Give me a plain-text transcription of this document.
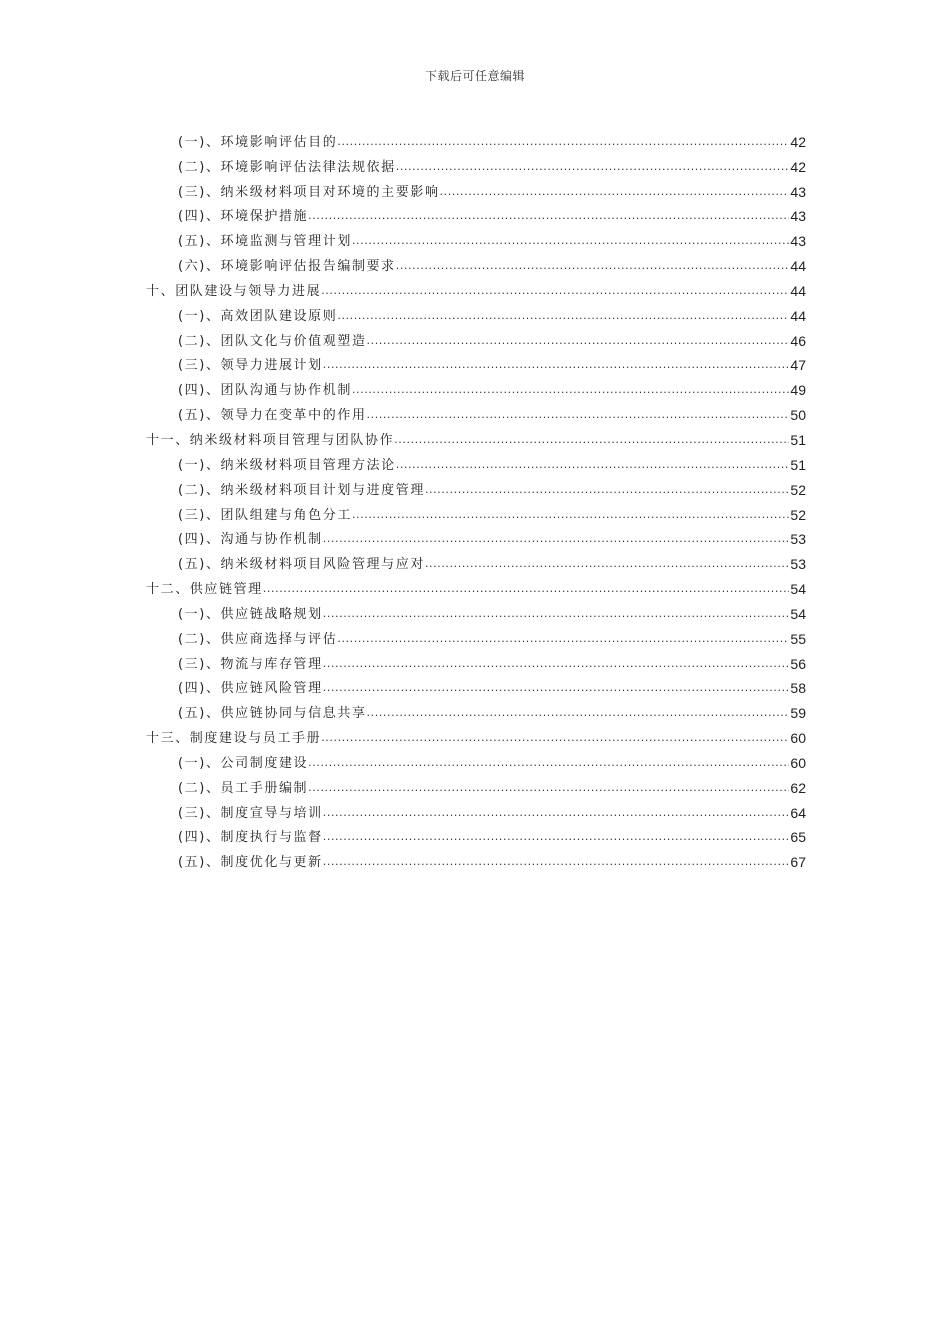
下载后可任意编辑
(一)、环境影响评估目的 .....	42
(二)、环境影响评估法律法规依据 .....	42
(三)、纳米级材料项目对环境的主要影响 .....	43
(四)、环境保护措施 .....	43
(五)、环境监测与管理计划 .....	43
(六)、环境影响评估报告编制要求 .....	44
十、团队建设与领导力进展 .....	44
(一)、高效团队建设原则 .....	44
(二)、团队文化与价值观塑造 .....	46
(三)、领导力进展计划 .....	47
(四)、团队沟通与协作机制 .....	49
(五)、领导力在变革中的作用 .....	50
十一、纳米级材料项目管理与团队协作 .....	51
(一)、纳米级材料项目管理方法论 .....	51
(二)、纳米级材料项目计划与进度管理 .....	52
(三)、团队组建与角色分工 .....	52
(四)、沟通与协作机制 .....	53
(五)、纳米级材料项目风险管理与应对 .....	53
十二、供应链管理 .....	54
(一)、供应链战略规划 .....	54
(二)、供应商选择与评估 .....	55
(三)、物流与库存管理 .....	56
(四)、供应链风险管理 .....	58
(五)、供应链协同与信息共享 .....	59
十三、制度建设与员工手册 .....	60
(一)、公司制度建设 .....	60
(二)、员工手册编制 .....	62
(三)、制度宣导与培训 .....	64
(四)、制度执行与监督 .....	65
(五)、制度优化与更新 .....	67
